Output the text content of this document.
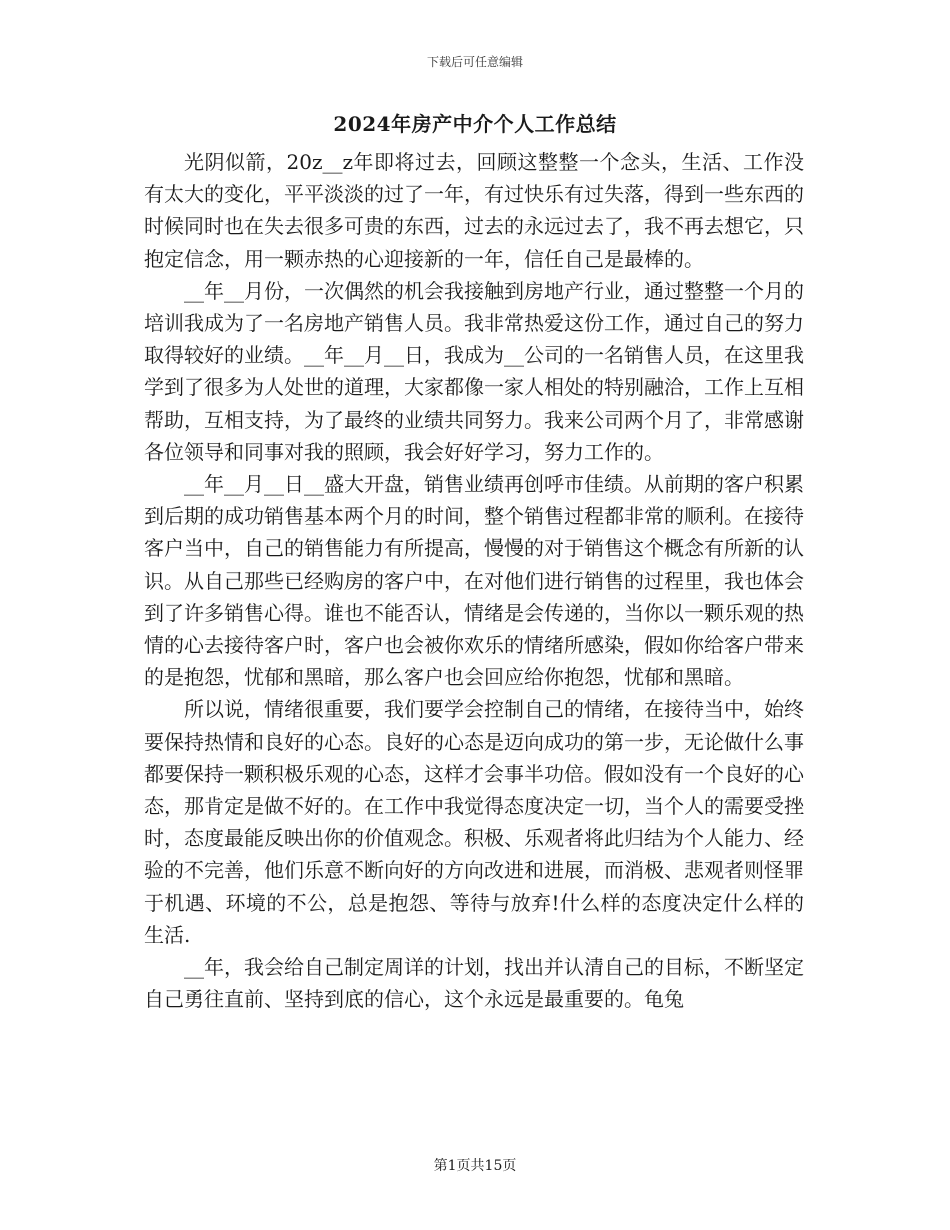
下载后可任意编辑
2024年房产中介个人工作总结

光阴似箭，20z__z年即将过去，回顾这整整一个念头，生活、工作没有太大的变化，平平淡淡的过了一年，有过快乐有过失落，得到一些东西的时候同时也在失去很多可贵的东西，过去的永远过去了，我不再去想它，只抱定信念，用一颗赤热的心迎接新的一年，信任自己是最棒的。

__年__月份，一次偶然的机会我接触到房地产行业，通过整整一个月的培训我成为了一名房地产销售人员。我非常热爱这份工作，通过自己的努力取得较好的业绩。__年__月__日，我成为__公司的一名销售人员，在这里我学到了很多为人处世的道理，大家都像一家人相处的特别融洽，工作上互相帮助，互相支持，为了最终的业绩共同努力。我来公司两个月了，非常感谢各位领导和同事对我的照顾，我会好好学习，努力工作的。

__年__月__日__盛大开盘，销售业绩再创呼市佳绩。从前期的客户积累到后期的成功销售基本两个月的时间，整个销售过程都非常的顺利。在接待客户当中，自己的销售能力有所提高，慢慢的对于销售这个概念有所新的认识。从自己那些已经购房的客户中，在对他们进行销售的过程里，我也体会到了许多销售心得。谁也不能否认，情绪是会传递的，当你以一颗乐观的热情的心去接待客户时，客户也会被你欢乐的情绪所感染，假如你给客户带来的是抱怨，忧郁和黑暗，那么客户也会回应给你抱怨，忧郁和黑暗。

所以说，情绪很重要，我们要学会控制自己的情绪，在接待当中，始终要保持热情和良好的心态。良好的心态是迈向成功的第一步，无论做什么事都要保持一颗积极乐观的心态，这样才会事半功倍。假如没有一个良好的心态，那肯定是做不好的。在工作中我觉得态度决定一切，当个人的需要受挫时，态度最能反映出你的价值观念。积极、乐观者将此归结为个人能力、经验的不完善，他们乐意不断向好的方向改进和进展，而消极、悲观者则怪罪于机遇、环境的不公，总是抱怨、等待与放弃!什么样的态度决定什么样的生活.

__年，我会给自己制定周详的计划，找出并认清自己的目标，不断坚定自己勇往直前、坚持到底的信心，这个永远是最重要的。龟兔

第1页共15页
